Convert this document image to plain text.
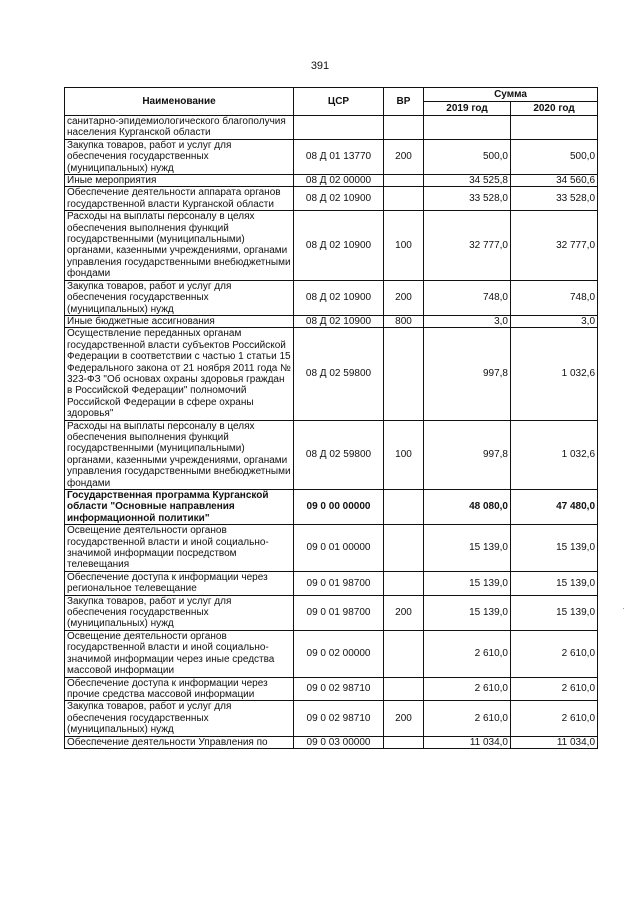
391
Наименование	ЦСР	ВР	Сумма	
			2019 год	2020 год
санитарно-эпидемиологического благополучия населения Курганской области				
Закупка товаров, работ и услуг для обеспечения государственных (муниципальных) нужд	08 Д 01 13770	200	500,0	500,0
Иные мероприятия	08 Д 02 00000		34 525,8	34 560,6
Обеспечение деятельности аппарата органов государственной власти Курганской области	08 Д 02 10900		33 528,0	33 528,0
Расходы на выплаты персоналу в целях обеспечения выполнения функций государственными (муниципальными) органами, казенными учреждениями, органами управления государственными внебюджетными фондами	08 Д 02 10900	100	32 777,0	32 777,0
Закупка товаров, работ и услуг для обеспечения государственных (муниципальных) нужд	08 Д 02 10900	200	748,0	748,0
Иные бюджетные ассигнования	08 Д 02 10900	800	3,0	3,0
Осуществление переданных органам государственной власти субъектов Российской Федерации в соответствии с частью 1 статьи 15 Федерального закона от 21 ноября 2011 года № 323-ФЗ "Об основах охраны здоровья граждан в Российской Федерации" полномочий Российской Федерации в сфере охраны здоровья"	08 Д 02 59800		997,8	1 032,6
Расходы на выплаты персоналу в целях обеспечения выполнения функций государственными (муниципальными) органами, казенными учреждениями, органами управления государственными внебюджетными фондами	08 Д 02 59800	100	997,8	1 032,6
Государственная программа Курганской области "Основные направления информационной политики"	09 0 00 00000		48 080,0	47 480,0
Освещение деятельности органов государственной власти и иной социально-значимой информации посредством телевещания	09 0 01 00000		15 139,0	15 139,0
Обеспечение доступа к информации через региональное телевещание	09 0 01 98700		15 139,0	15 139,0
Закупка товаров, работ и услуг для обеспечения государственных (муниципальных) нужд	09 0 01 98700	200	15 139,0	15 139,0
Освещение деятельности органов государственной власти и иной социально-значимой информации через иные средства массовой информации	09 0 02 00000		2 610,0	2 610,0
Обеспечение доступа к информации через прочие средства массовой информации	09 0 02 98710		2 610,0	2 610,0
Закупка товаров, работ и услуг для обеспечения государственных (муниципальных) нужд	09 0 02 98710	200	2 610,0	2 610,0
Обеспечение деятельности Управления по	09 0 03 00000		11 034,0	11 034,0
·
